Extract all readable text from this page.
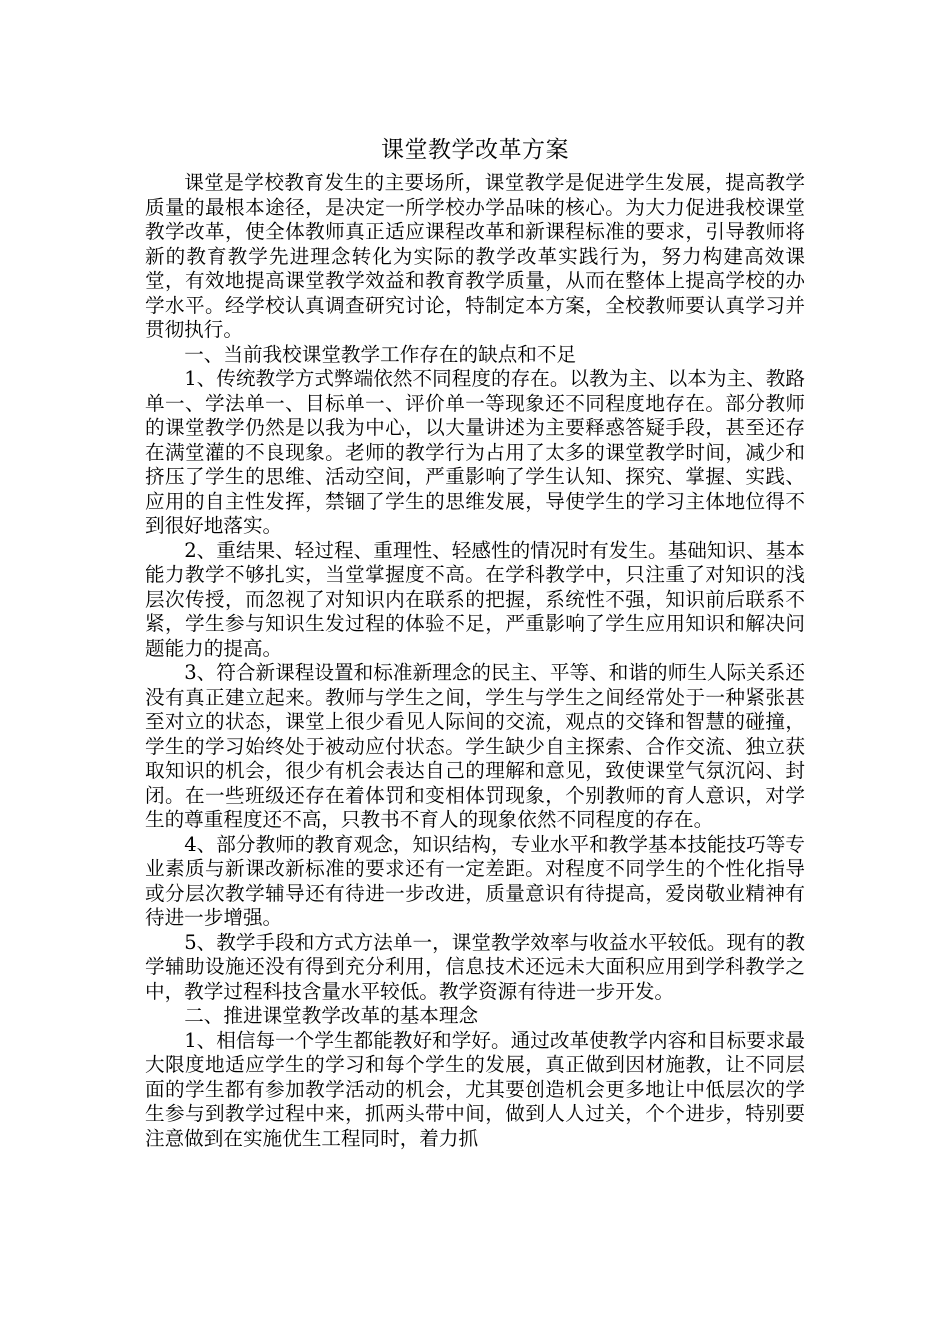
课堂教学改革方案

课堂是学校教育发生的主要场所，课堂教学是促进学生发展，提高教学质量的最根本途径，是决定一所学校办学品味的核心。为大力促进我校课堂教学改革，使全体教师真正适应课程改革和新课程标准的要求，引导教师将新的教育教学先进理念转化为实际的教学改革实践行为，努力构建高效课堂，有效地提高课堂教学效益和教育教学质量，从而在整体上提高学校的办学水平。经学校认真调查研究讨论，特制定本方案，全校教师要认真学习并贯彻执行。

一、当前我校课堂教学工作存在的缺点和不足

1、传统教学方式弊端依然不同程度的存在。以教为主、以本为主、教路单一、学法单一、目标单一、评价单一等现象还不同程度地存在。部分教师的课堂教学仍然是以我为中心，以大量讲述为主要释惑答疑手段，甚至还存在满堂灌的不良现象。老师的教学行为占用了太多的课堂教学时间，减少和挤压了学生的思维、活动空间，严重影响了学生认知、探究、掌握、实践、应用的自主性发挥，禁锢了学生的思维发展，导使学生的学习主体地位得不到很好地落实。

2、重结果、轻过程、重理性、轻感性的情况时有发生。基础知识、基本能力教学不够扎实，当堂掌握度不高。在学科教学中，只注重了对知识的浅层次传授，而忽视了对知识内在联系的把握，系统性不强，知识前后联系不紧，学生参与知识生发过程的体验不足，严重影响了学生应用知识和解决问题能力的提高。

3、符合新课程设置和标准新理念的民主、平等、和谐的师生人际关系还没有真正建立起来。教师与学生之间，学生与学生之间经常处于一种紧张甚至对立的状态，课堂上很少看见人际间的交流，观点的交锋和智慧的碰撞，学生的学习始终处于被动应付状态。学生缺少自主探索、合作交流、独立获取知识的机会，很少有机会表达自己的理解和意见，致使课堂气氛沉闷、封闭。在一些班级还存在着体罚和变相体罚现象，个别教师的育人意识，对学生的尊重程度还不高，只教书不育人的现象依然不同程度的存在。

4、部分教师的教育观念，知识结构，专业水平和教学基本技能技巧等专业素质与新课改新标准的要求还有一定差距。对程度不同学生的个性化指导或分层次教学辅导还有待进一步改进，质量意识有待提高，爱岗敬业精神有待进一步增强。

5、教学手段和方式方法单一，课堂教学效率与收益水平较低。现有的教学辅助设施还没有得到充分利用，信息技术还远未大面积应用到学科教学之中，教学过程科技含量水平较低。教学资源有待进一步开发。

二、推进课堂教学改革的基本理念

1、相信每一个学生都能教好和学好。通过改革使教学内容和目标要求最大限度地适应学生的学习和每个学生的发展，真正做到因材施教，让不同层面的学生都有参加教学活动的机会，尤其要创造机会更多地让中低层次的学生参与到教学过程中来，抓两头带中间，做到人人过关，个个进步，特别要注意做到在实施优生工程同时，着力抓
